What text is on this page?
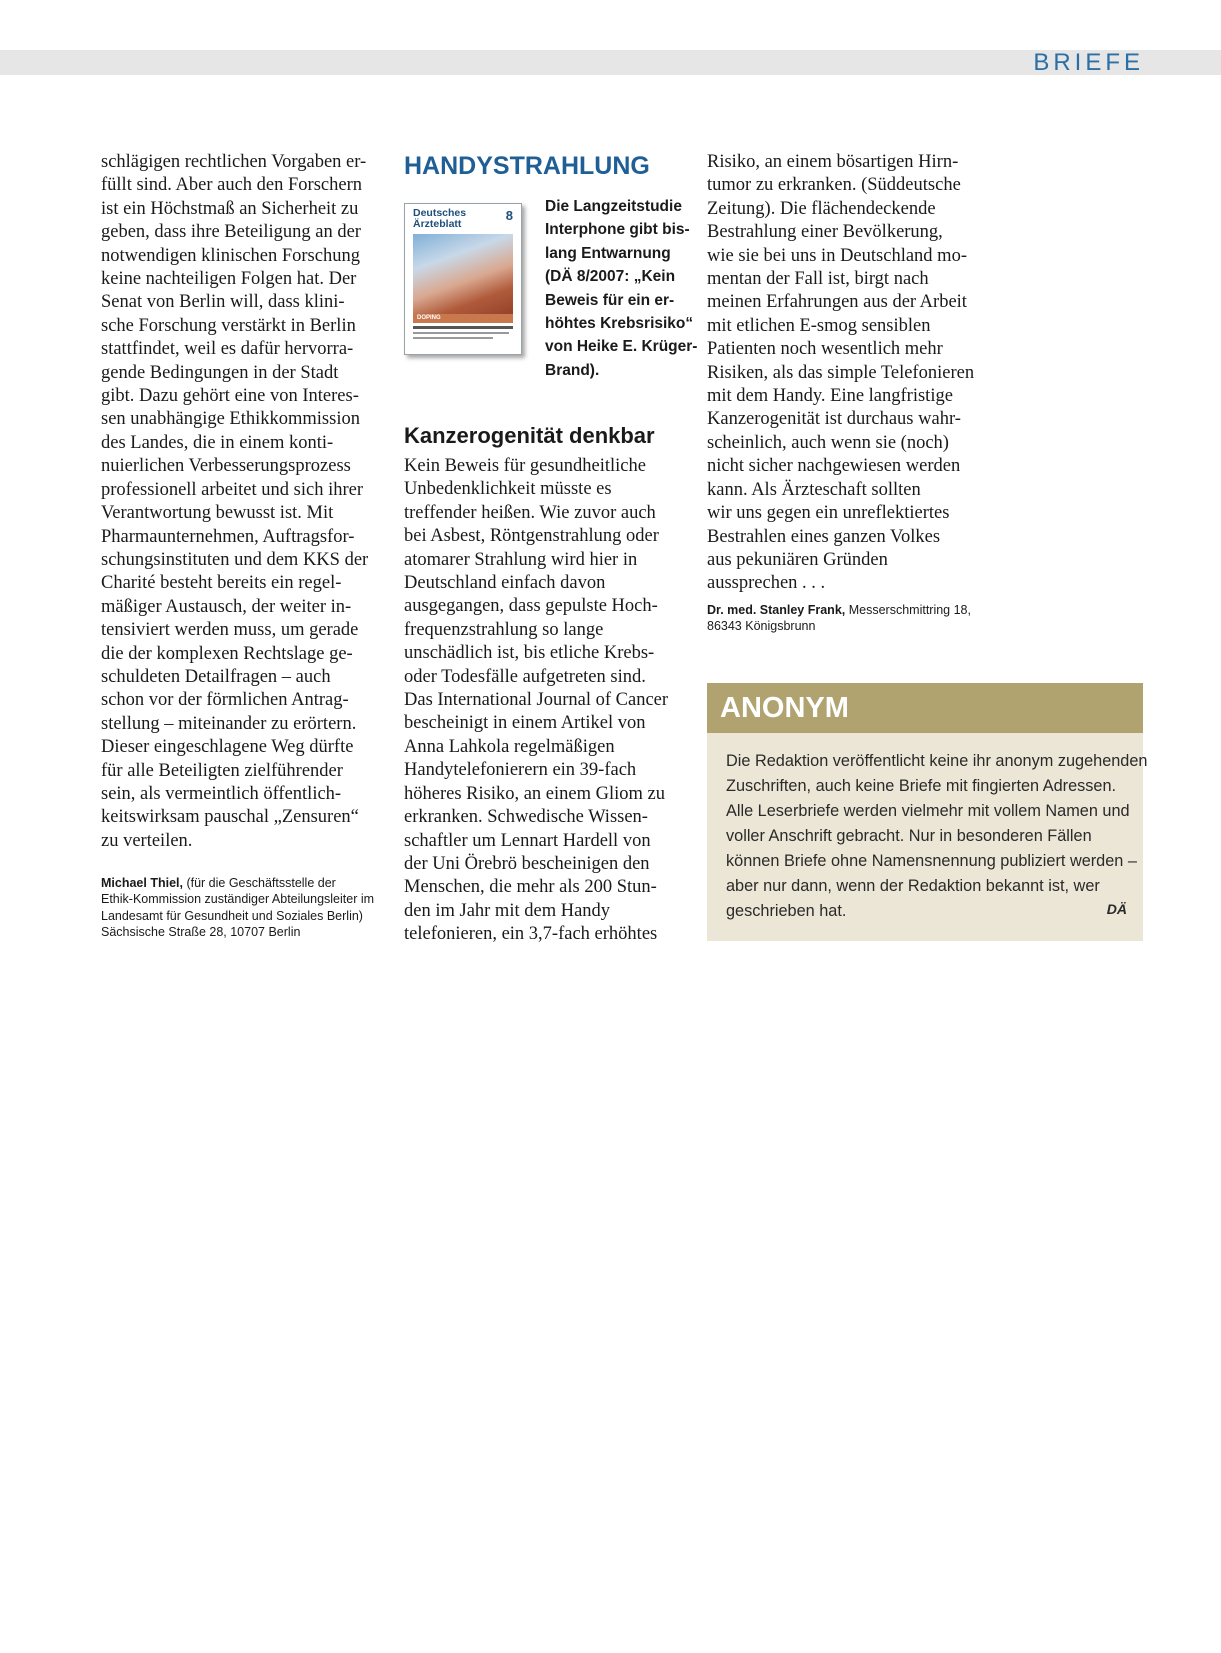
BRIEFE

schlägigen rechtlichen Vorgaben er-
füllt sind. Aber auch den Forschern
ist ein Höchstmaß an Sicherheit zu
geben, dass ihre Beteiligung an der
notwendigen klinischen Forschung
keine nachteiligen Folgen hat. Der
Senat von Berlin will, dass klini-
sche Forschung verstärkt in Berlin
stattfindet, weil es dafür hervorra-
gende Bedingungen in der Stadt
gibt. Dazu gehört eine von Interes-
sen unabhängige Ethikkommission
des Landes, die in einem konti-
nuierlichen Verbesserungsprozess
professionell arbeitet und sich ihrer
Verantwortung bewusst ist. Mit
Pharmaunternehmen, Auftragsfor-
schungsinstituten und dem KKS der
Charité besteht bereits ein regel-
mäßiger Austausch, der weiter in-
tensiviert werden muss, um gerade
die der komplexen Rechtslage ge-
schuldeten Detailfragen – auch
schon vor der förmlichen Antrag-
stellung – miteinander zu erörtern.
Dieser eingeschlagene Weg dürfte
für alle Beteiligten zielführender
sein, als vermeintlich öffentlich-
keitswirksam pauschal „Zensuren“
zu verteilen.

Michael Thiel, (für die Geschäftsstelle der
Ethik-Kommission zuständiger Abteilungsleiter im
Landesamt für Gesundheit und Soziales Berlin)
Sächsische Straße 28, 10707 Berlin

HANDYSTRAHLUNG
Deutsches Ärzteblatt
8
DOPING
Die Langzeitstudie
Interphone gibt bis-
lang Entwarnung
(DÄ 8/2007: „Kein
Beweis für ein er-
höhtes Krebsrisiko“
von Heike E. Krüger-
Brand).
Kanzerogenität denkbar

Kein Beweis für gesundheitliche
Unbedenklichkeit müsste es
treffender heißen. Wie zuvor auch
bei Asbest, Röntgenstrahlung oder
atomarer Strahlung wird hier in
Deutschland einfach davon
ausgegangen, dass gepulste Hoch-
frequenzstrahlung so lange
unschädlich ist, bis etliche Krebs-
oder Todesfälle aufgetreten sind.
Das International Journal of Cancer
bescheinigt in einem Artikel von
Anna Lahkola regelmäßigen
Handytelefonierern ein 39-fach
höheres Risiko, an einem Gliom zu
erkranken. Schwedische Wissen-
schaftler um Lennart Hardell von
der Uni Örebrö bescheinigen den
Menschen, die mehr als 200 Stun-
den im Jahr mit dem Handy
telefonieren, ein 3,7-fach erhöhtes

Risiko, an einem bösartigen Hirn-
tumor zu erkranken. (Süddeutsche
Zeitung). Die flächendeckende
Bestrahlung einer Bevölkerung,
wie sie bei uns in Deutschland mo-
mentan der Fall ist, birgt nach
meinen Erfahrungen aus der Arbeit
mit etlichen E-smog sensiblen
Patienten noch wesentlich mehr
Risiken, als das simple Telefonieren
mit dem Handy. Eine langfristige
Kanzerogenität ist durchaus wahr-
scheinlich, auch wenn sie (noch)
nicht sicher nachgewiesen werden
kann. Als Ärzteschaft sollten
wir uns gegen ein unreflektiertes
Bestrahlen eines ganzen Volkes
aus pekuniären Gründen
aussprechen . . .

Dr. med. Stanley Frank, Messerschmittring 18,
86343 Königsbrunn

ANONYM

Die Redaktion veröffentlicht keine ihr anonym zugehenden
Zuschriften, auch keine Briefe mit fingierten Adressen.
Alle Leserbriefe werden vielmehr mit vollem Namen und
voller Anschrift gebracht. Nur in besonderen Fällen
können Briefe ohne Namensnennung publiziert werden –
aber nur dann, wenn der Redaktion bekannt ist, wer
geschrieben hat.	DÄ
